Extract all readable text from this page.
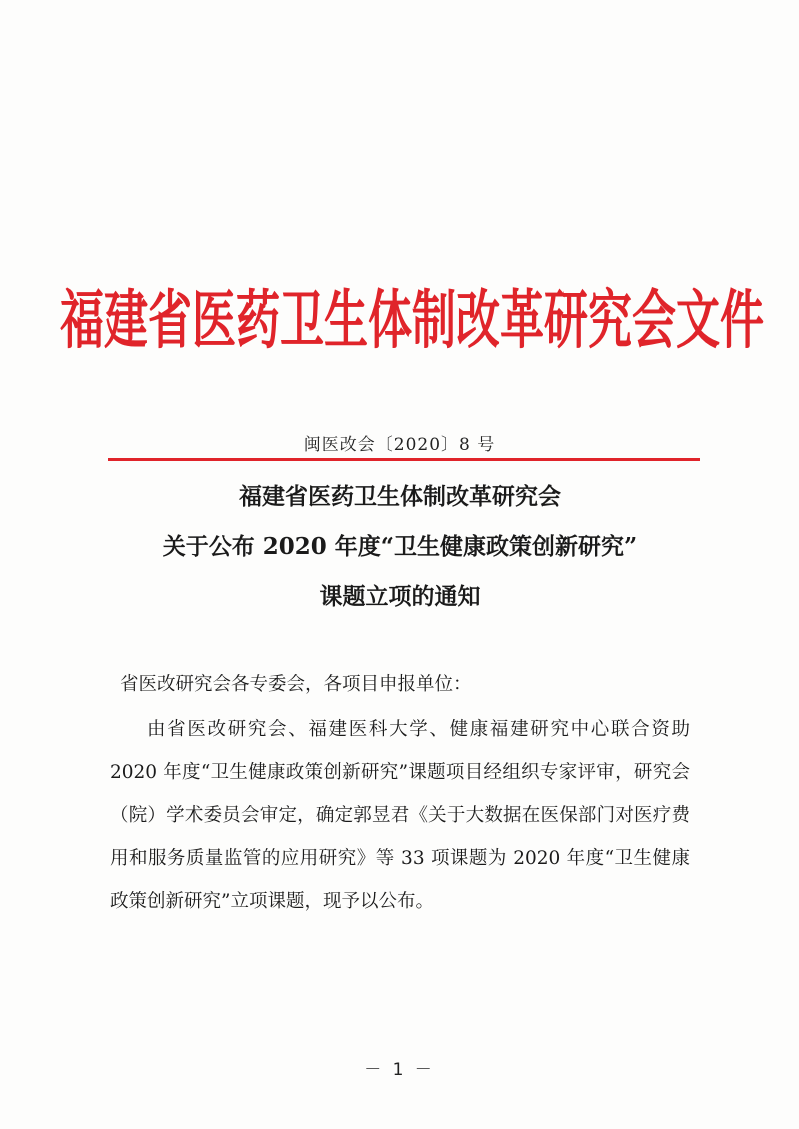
福建省医药卫生体制改革研究会文件
闽医改会〔2020〕8 号
福建省医药卫生体制改革研究会
关于公布 2020 年度“卫生健康政策创新研究”
课题立项的通知
省医改研究会各专委会，各项目申报单位：
由省医改研究会、福建医科大学、健康福建研究中心联合资助 2020 年度“卫生健康政策创新研究”课题项目经组织专家评审，研究会（院）学术委员会审定，确定郭昱君《关于大数据在医保部门对医疗费用和服务质量监管的应用研究》等 33 项课题为 2020 年度“卫生健康政策创新研究”立项课题，现予以公布。
－ 1 －
